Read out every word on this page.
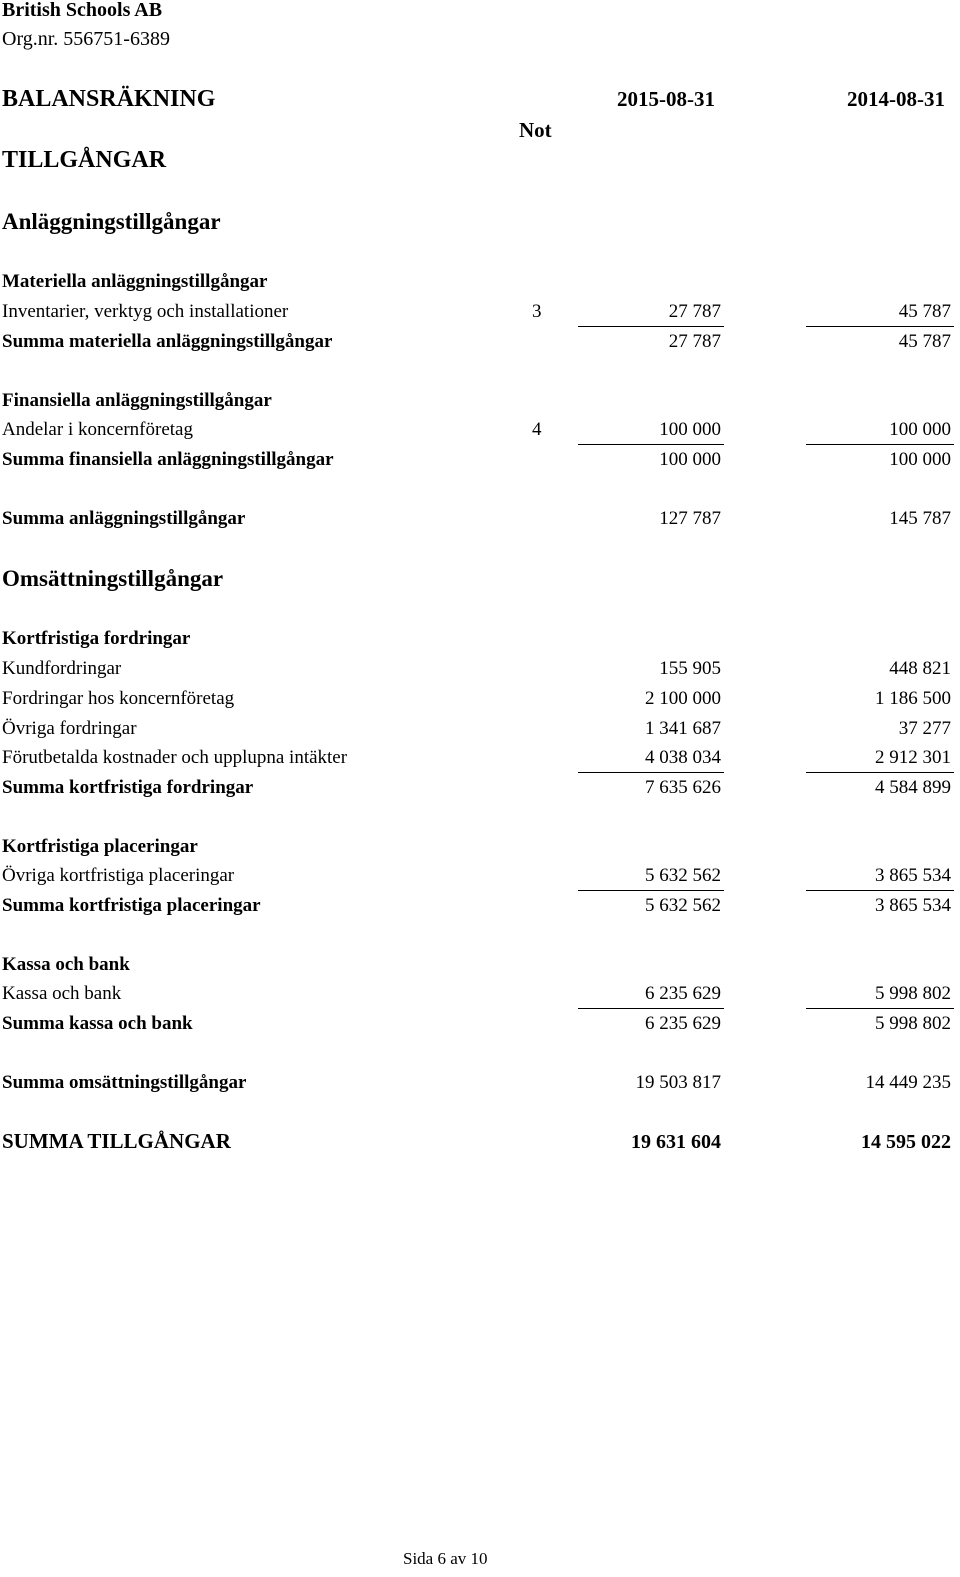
British Schools AB
Org.nr. 556751-6389
BALANSRÄKNING	2015-08-31	2014-08-31
Not
TILLGÅNGAR
Anläggningstillgångar
Materiella anläggningstillgångar
Inventarier, verktyg och installationer	3	27 787	45 787
Summa materiella anläggningstillgångar	27 787	45 787
Finansiella anläggningstillgångar
Andelar i koncernföretag	4	100 000	100 000
Summa finansiella anläggningstillgångar	100 000	100 000
Summa anläggningstillgångar	127 787	145 787
Omsättningstillgångar
Kortfristiga fordringar
Kundfordringar	155 905	448 821
Fordringar hos koncernföretag	2 100 000	1 186 500
Övriga fordringar	1 341 687	37 277
Förutbetalda kostnader och upplupna intäkter	4 038 034	2 912 301
Summa kortfristiga fordringar	7 635 626	4 584 899
Kortfristiga placeringar
Övriga kortfristiga placeringar	5 632 562	3 865 534
Summa kortfristiga placeringar	5 632 562	3 865 534
Kassa och bank
Kassa och bank	6 235 629	5 998 802
Summa kassa och bank	6 235 629	5 998 802
Summa omsättningstillgångar	19 503 817	14 449 235
SUMMA TILLGÅNGAR	19 631 604	14 595 022
Sida 6 av 10
